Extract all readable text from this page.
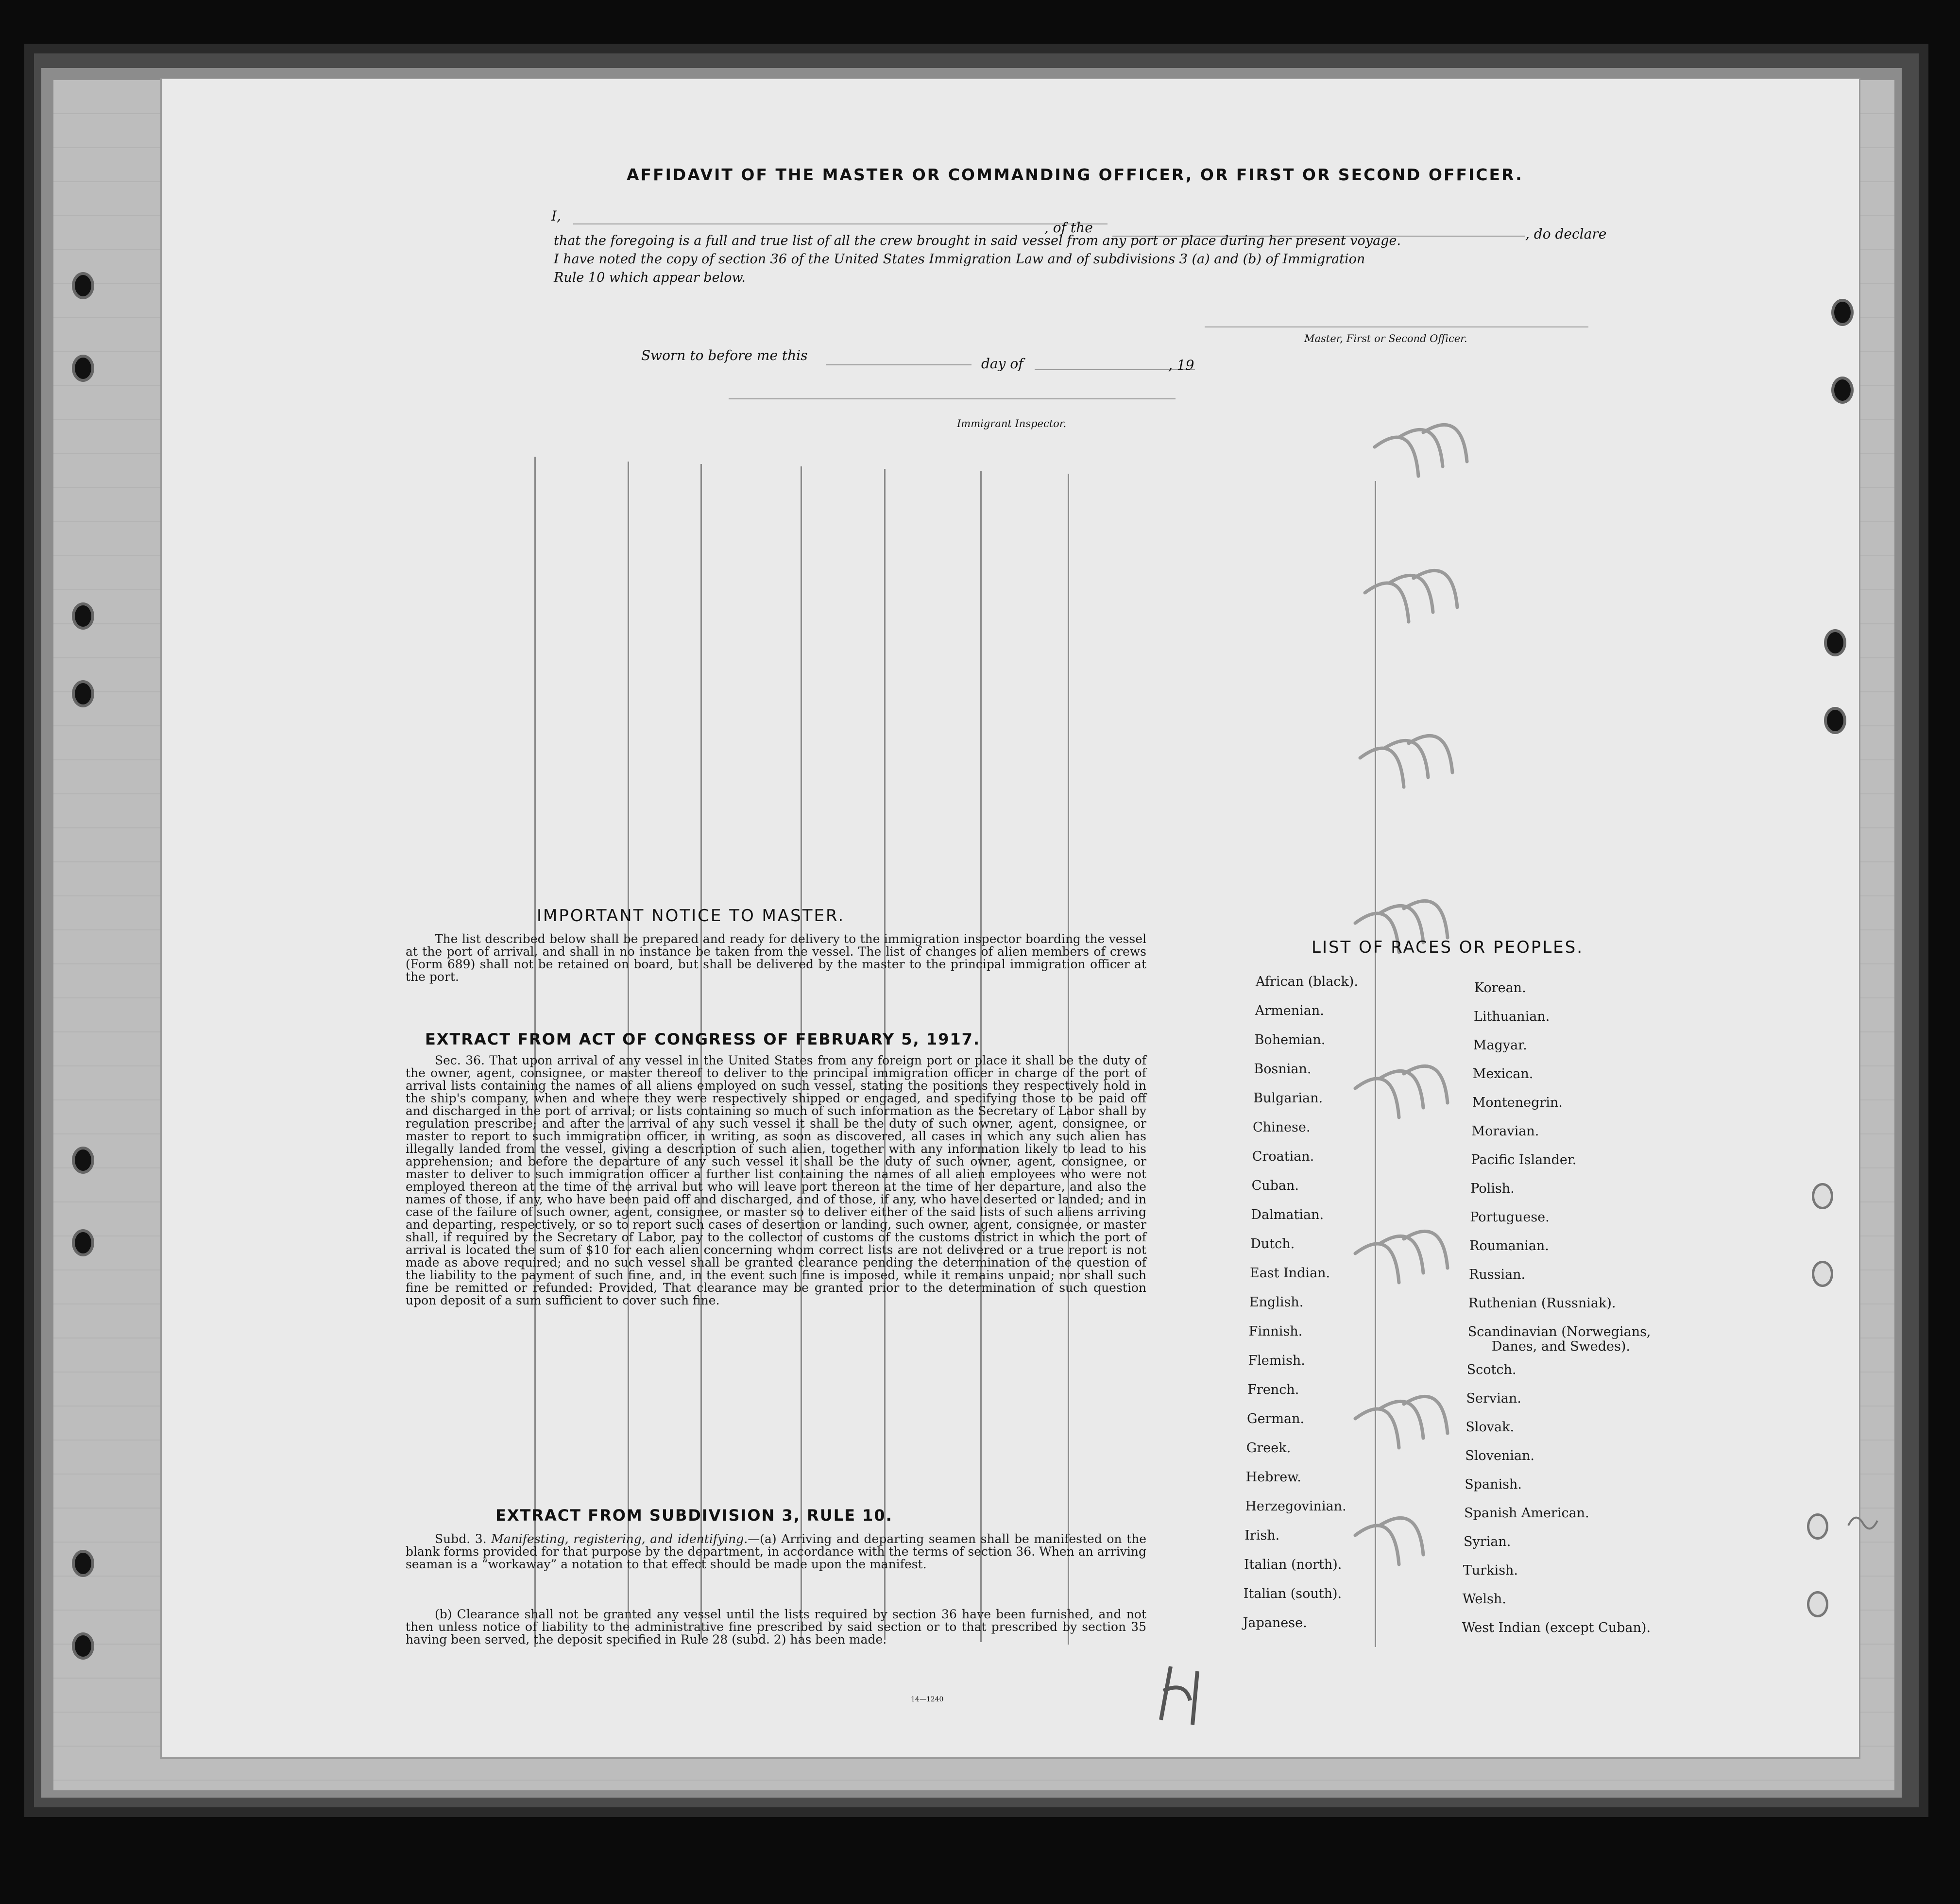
AFFIDAVIT OF THE MASTER OR COMMANDING OFFICER, OR FIRST OR SECOND OFFICER.
I,
, of the	, do declare
that the foregoing is a full and true list of all the crew brought in said vessel from any port or place during her present voyage.
I have noted the copy of section 36 of the United States Immigration Law and of subdivisions 3 (a) and (b) of Immigration
Rule 10 which appear below.
Master, First or Second Officer.
Sworn to before me this
day of	, 19
Immigrant Inspector.
IMPORTANT NOTICE TO MASTER.
The list described below shall be prepared and ready for delivery to the immigration inspector boarding the vessel at the port of arrival, and shall in no instance be taken from the vessel. The list of changes of alien members of crews (Form 689) shall not be retained on board, but shall be delivered by the master to the principal immigration officer at the port.
EXTRACT FROM ACT OF CONGRESS OF FEBRUARY 5, 1917.
Sec. 36. That upon arrival of any vessel in the United States from any foreign port or place it shall be the duty of the owner, agent, consignee, or master thereof to deliver to the principal immigration officer in charge of the port of arrival lists containing the names of all aliens employed on such vessel, stating the positions they respectively hold in the ship's company, when and where they were respectively shipped or engaged, and specifying those to be paid off and discharged in the port of arrival; or lists containing so much of such information as the Secretary of Labor shall by regulation prescribe; and after the arrival of any such vessel it shall be the duty of such owner, agent, consignee, or master to report to such immigration officer, in writing, as soon as discovered, all cases in which any such alien has illegally landed from the vessel, giving a description of such alien, together with any information likely to lead to his apprehension; and before the departure of any such vessel it shall be the duty of such owner, agent, consignee, or master to deliver to such immigration officer a further list containing the names of all alien employees who were not employed thereon at the time of the arrival but who will leave port thereon at the time of her departure, and also the names of those, if any, who have been paid off and discharged, and of those, if any, who have deserted or landed; and in case of the failure of such owner, agent, consignee, or master so to deliver either of the said lists of such aliens arriving and departing, respectively, or so to report such cases of desertion or landing, such owner, agent, consignee, or master shall, if required by the Secretary of Labor, pay to the collector of customs of the customs district in which the port of arrival is located the sum of $10 for each alien concerning whom correct lists are not delivered or a true report is not made as above required; and no such vessel shall be granted clearance pending the determination of the question of the liability to the payment of such fine, and, in the event such fine is imposed, while it remains unpaid; nor shall such fine be remitted or refunded: Provided, That clearance may be granted prior to the determination of such question upon deposit of a sum sufficient to cover such fine.
EXTRACT FROM SUBDIVISION 3, RULE 10.
Subd. 3. Manifesting, registering, and identifying.—(a) Arriving and departing seamen shall be manifested on the blank forms provided for that purpose by the department, in accordance with the terms of section 36. When an arriving seaman is a “workaway” a notation to that effect should be made upon the manifest.
(b) Clearance shall not be granted any vessel until the lists required by section 36 have been furnished, and not then unless notice of liability to the administrative fine prescribed by said section or to that prescribed by section 35 having been served, the deposit specified in Rule 28 (subd. 2) has been made.
14—1240
LIST OF RACES OR PEOPLES.
African (black).
Armenian.
Bohemian.
Bosnian.
Bulgarian.
Chinese.
Croatian.
Cuban.
Dalmatian.
Dutch.
East Indian.
English.
Finnish.
Flemish.
French.
German.
Greek.
Hebrew.
Herzegovinian.
Irish.
Italian (north).
Italian (south).
Japanese.
Korean.
Lithuanian.
Magyar.
Mexican.
Montenegrin.
Moravian.
Pacific Islander.
Polish.
Portuguese.
Roumanian.
Russian.
Ruthenian (Russniak).
Scandinavian (Norwegians,
Danes, and Swedes).
Scotch.
Servian.
Slovak.
Slovenian.
Spanish.
Spanish American.
Syrian.
Turkish.
Welsh.
West Indian (except Cuban).
